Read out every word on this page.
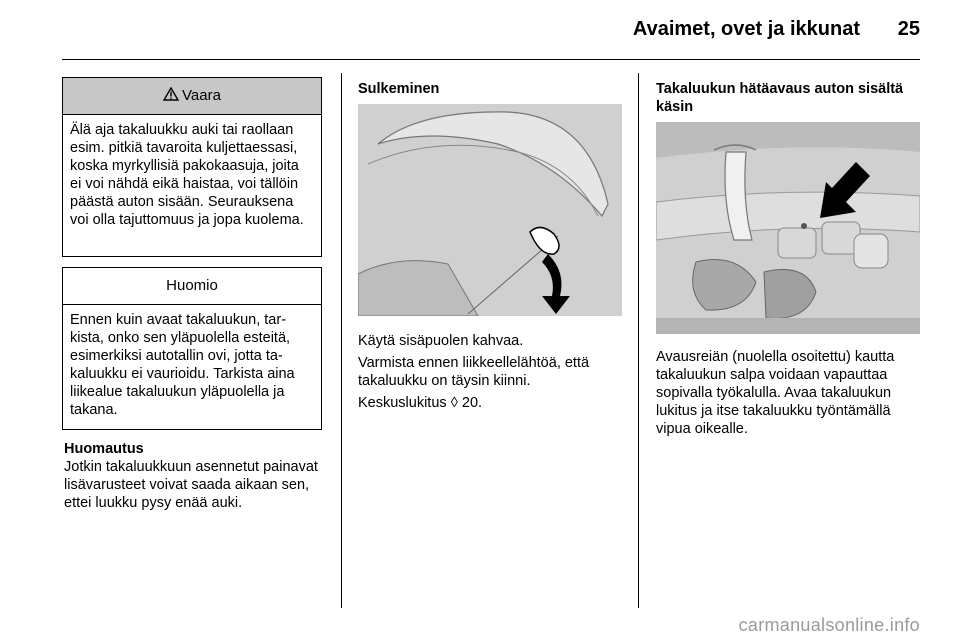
Avaimet, ovet ja ikkunat 25
Vaara
Älä aja takaluukku auki tai raollaan esim. pitkiä tavaroita kuljettaessasi, koska myrkyllisiä pakokaasuja, joita ei voi nähdä eikä haistaa, voi tällöin päästä auton sisään. Seurauksena voi olla tajuttomuus ja jopa kuolema.
Huomio
Ennen kuin avaat takaluukun, tarkista, onko sen yläpuolella esteitä, esimerkiksi autotallin ovi, jotta takaluukku ei vaurioidu. Tarkista aina liikealue takaluukun yläpuolella ja takana.

Huomautus

Jotkin takaluukkuun asennetut painavat lisävarusteet voivat saada aikaan sen, ettei luukku pysy enää auki.

Sulkeminen

Käytä sisäpuolen kahvaa.

Varmista ennen liikkeellelähtöä, että takaluukku on täysin kiinni.

Keskuslukitus ◊ 20.

Takaluukun hätäavaus auton sisältä käsin
Avausreiän (nuolella osoitettu) kautta takaluukun salpa voidaan vapauttaa sopivalla työkalulla. Avaa takaluukun lukitus ja itse takaluukku työntämällä vipua oikealle.
carmanualsonline.info
